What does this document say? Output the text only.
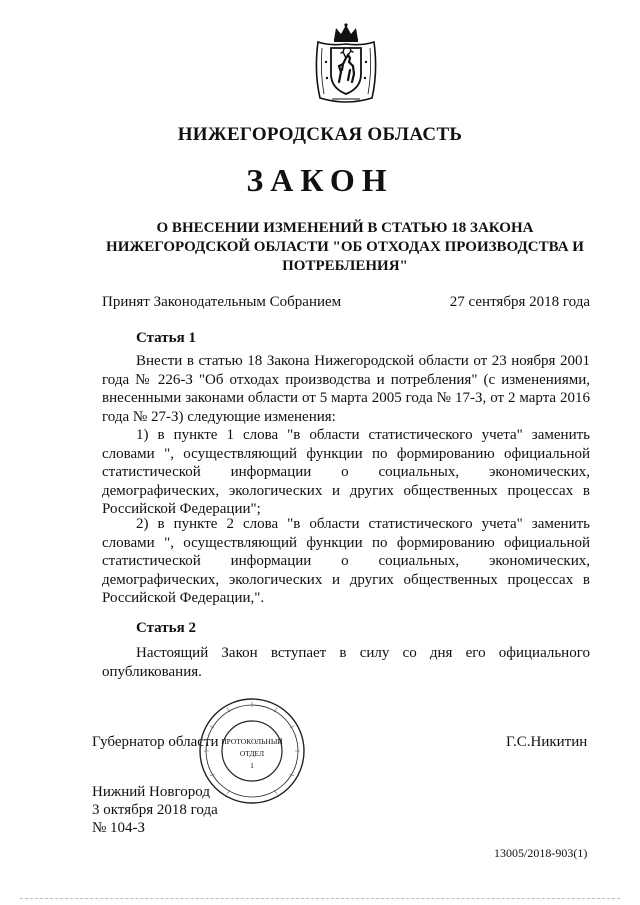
НИЖЕГОРОДСКАЯ ОБЛАСТЬ
ЗАКОН
О ВНЕСЕНИИ ИЗМЕНЕНИЙ В СТАТЬЮ 18 ЗАКОНА
НИЖЕГОРОДСКОЙ ОБЛАСТИ "ОБ ОТХОДАХ ПРОИЗВОДСТВА И
ПОТРЕБЛЕНИЯ"
Принят Законодательным Собранием	27 сентября 2018 года
Статья 1

Внести в статью 18 Закона Нижегородской области от 23 ноября 2001 года № 226-З "Об отходах производства и потребления" (с изменениями, внесенными законами области от 5 марта 2005 года № 17-З, от 2 марта 2016 года № 27-З) следующие изменения:

1) в пункте 1 слова "в области статистического учета" заменить словами ", осуществляющий функции по формированию официальной статистической информации о социальных, экономических, демографических, экологических и других общественных процессах в Российской Федерации";

2) в пункте 2 слова "в области статистического учета" заменить словами ", осуществляющий функции по формированию официальной статистической информации о социальных, экономических, демографических, экологических и других общественных процессах в Российской Федерации,".

Статья 2

Настоящий Закон вступает в силу со дня его официального опубликования.

Губернатор области	Г.С.Никитин
ПРОТОКОЛЬНЫЙ
ОТДЕЛ
1
Нижний Новгород
3 октября 2018 года
№ 104-З
13005/2018-903(1)
